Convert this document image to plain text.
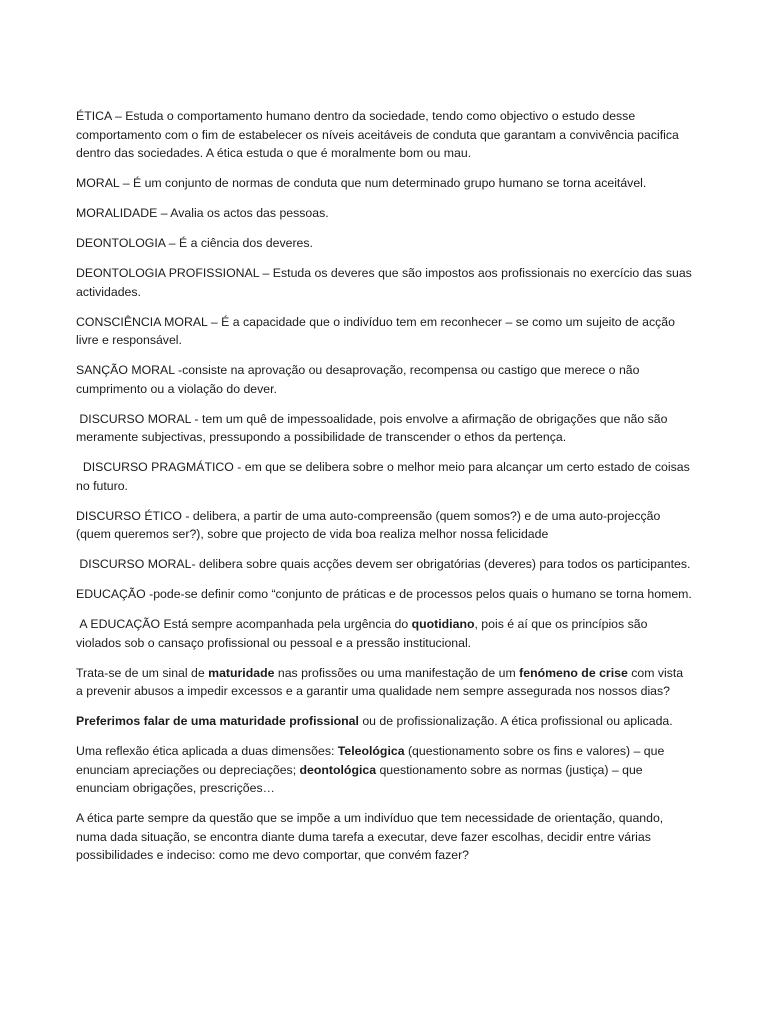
ÉTICA – Estuda o comportamento humano dentro da sociedade, tendo como objectivo o estudo desse comportamento com o fim de estabelecer os níveis aceitáveis de conduta que garantam a convivência pacifica dentro das sociedades. A ética estuda o que é moralmente bom ou mau.

MORAL – É um conjunto de normas de conduta que num determinado grupo humano se torna aceitável.

MORALIDADE – Avalia os actos das pessoas.

DEONTOLOGIA – É a ciência dos deveres.

DEONTOLOGIA PROFISSIONAL – Estuda os deveres que são impostos aos profissionais no exercício das suas actividades.

CONSCIÊNCIA MORAL – É a capacidade que o indivíduo tem em reconhecer – se como um sujeito de acção livre e responsável.

SANÇÃO MORAL -consiste na aprovação ou desaprovação, recompensa ou castigo que merece o não cumprimento ou a violação do dever.

DISCURSO MORAL - tem um quê de impessoalidade, pois envolve a afirmação de obrigações que não são meramente subjectivas, pressupondo a possibilidade de transcender o ethos da pertença.

DISCURSO PRAGMÁTICO - em que se delibera sobre o melhor meio para alcançar um certo estado de coisas no futuro.

DISCURSO ÉTICO - delibera, a partir de uma auto-compreensão (quem somos?) e de uma auto-projecção (quem queremos ser?), sobre que projecto de vida boa realiza melhor nossa felicidade

DISCURSO MORAL- delibera sobre quais acções devem ser obrigatórias (deveres) para todos os participantes.

EDUCAÇÃO -pode-se definir como “conjunto de práticas e de processos pelos quais o humano se torna homem.

A EDUCAÇÃO Está sempre acompanhada pela urgência do quotidiano, pois é aí que os princípios são violados sob o cansaço profissional ou pessoal e a pressão institucional.

Trata-se de um sinal de maturidade nas profissões ou uma manifestação de um fenómeno de crise com vista a prevenir abusos a impedir excessos e a garantir uma qualidade nem sempre assegurada nos nossos dias?

Preferimos falar de uma maturidade profissional ou de profissionalização. A ética profissional ou aplicada.

Uma reflexão ética aplicada a duas dimensões: Teleológica (questionamento sobre os fins e valores) – que enunciam apreciações ou depreciações; deontológica questionamento sobre as normas (justiça) – que enunciam obrigações, prescrições…

A ética parte sempre da questão que se impõe a um indivíduo que tem necessidade de orientação, quando, numa dada situação, se encontra diante duma tarefa a executar, deve fazer escolhas, decidir entre várias possibilidades e indeciso: como me devo comportar, que convém fazer?
